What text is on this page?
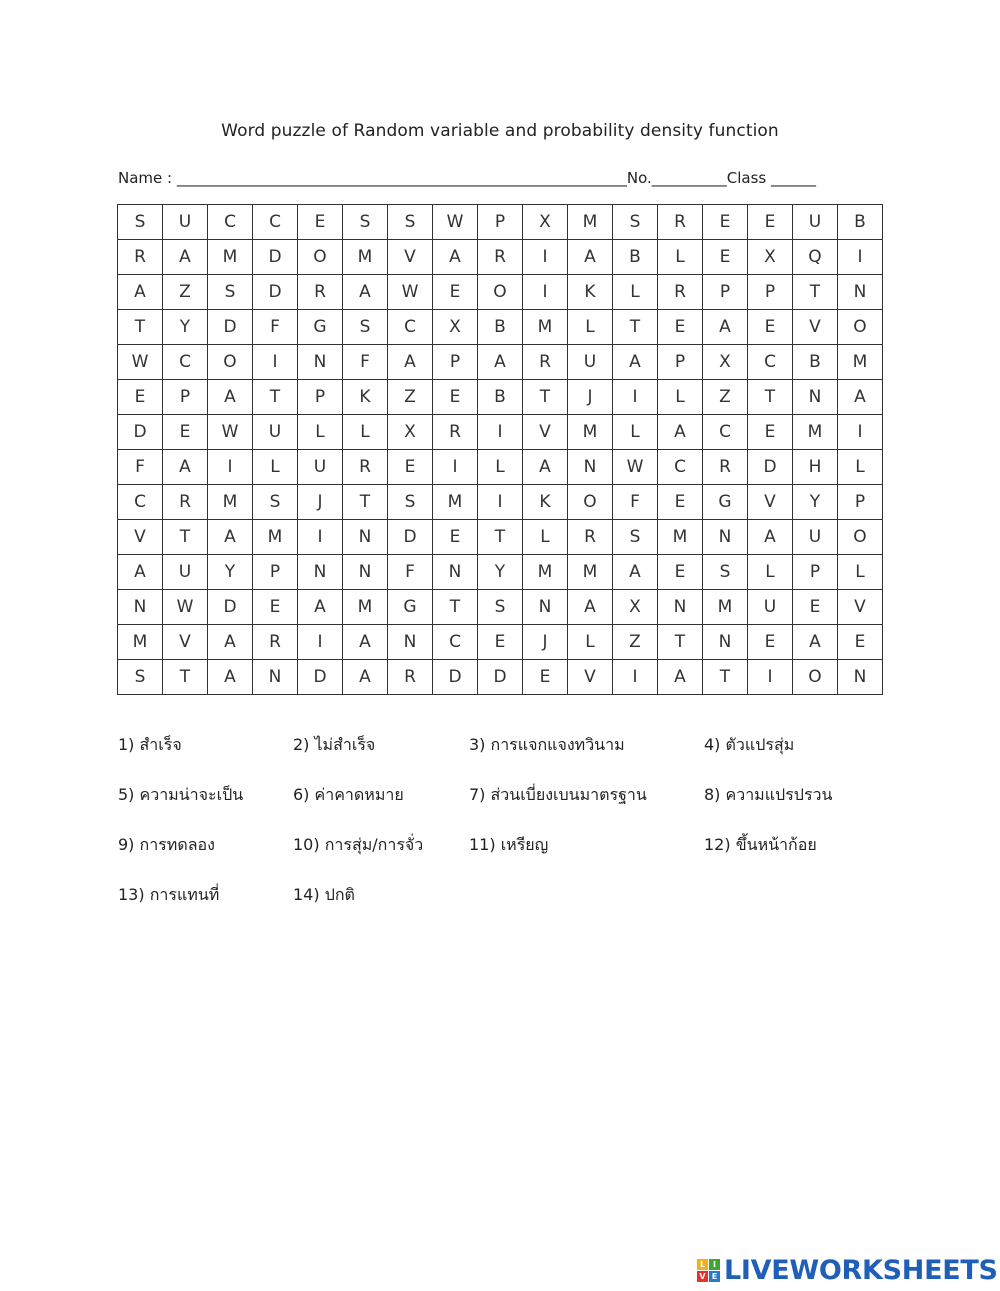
Word puzzle of Random variable and probability density function
Name : ____________________________________________________________No.__________Class ______
S	U	C	C	E	S	S	W	P	X	M	S	R	E	E	U	B
R	A	M	D	O	M	V	A	R	I	A	B	L	E	X	Q	I
A	Z	S	D	R	A	W	E	O	I	K	L	R	P	P	T	N
T	Y	D	F	G	S	C	X	B	M	L	T	E	A	E	V	O
W	C	O	I	N	F	A	P	A	R	U	A	P	X	C	B	M
E	P	A	T	P	K	Z	E	B	T	J	I	L	Z	T	N	A
D	E	W	U	L	L	X	R	I	V	M	L	A	C	E	M	I
F	A	I	L	U	R	E	I	L	A	N	W	C	R	D	H	L
C	R	M	S	J	T	S	M	I	K	O	F	E	G	V	Y	P
V	T	A	M	I	N	D	E	T	L	R	S	M	N	A	U	O
A	U	Y	P	N	N	F	N	Y	M	M	A	E	S	L	P	L
N	W	D	E	A	M	G	T	S	N	A	X	N	M	U	E	V
M	V	A	R	I	A	N	C	E	J	L	Z	T	N	E	A	E
S	T	A	N	D	A	R	D	D	E	V	I	A	T	I	O	N
1) สำเร็จ	2) ไม่สำเร็จ	3) การแจกแจงทวินาม	4) ตัวแปรสุ่ม
5) ความน่าจะเป็น	6) ค่าคาดหมาย	7) ส่วนเบี่ยงเบนมาตรฐาน	8) ความแปรปรวน
9) การทดลอง	10) การสุ่ม/การจั่ว	11) เหรียญ	12) ขึ้นหน้าก้อย
13) การแทนที่	14) ปกติ
L I
V E LIVEWORKSHEETS
